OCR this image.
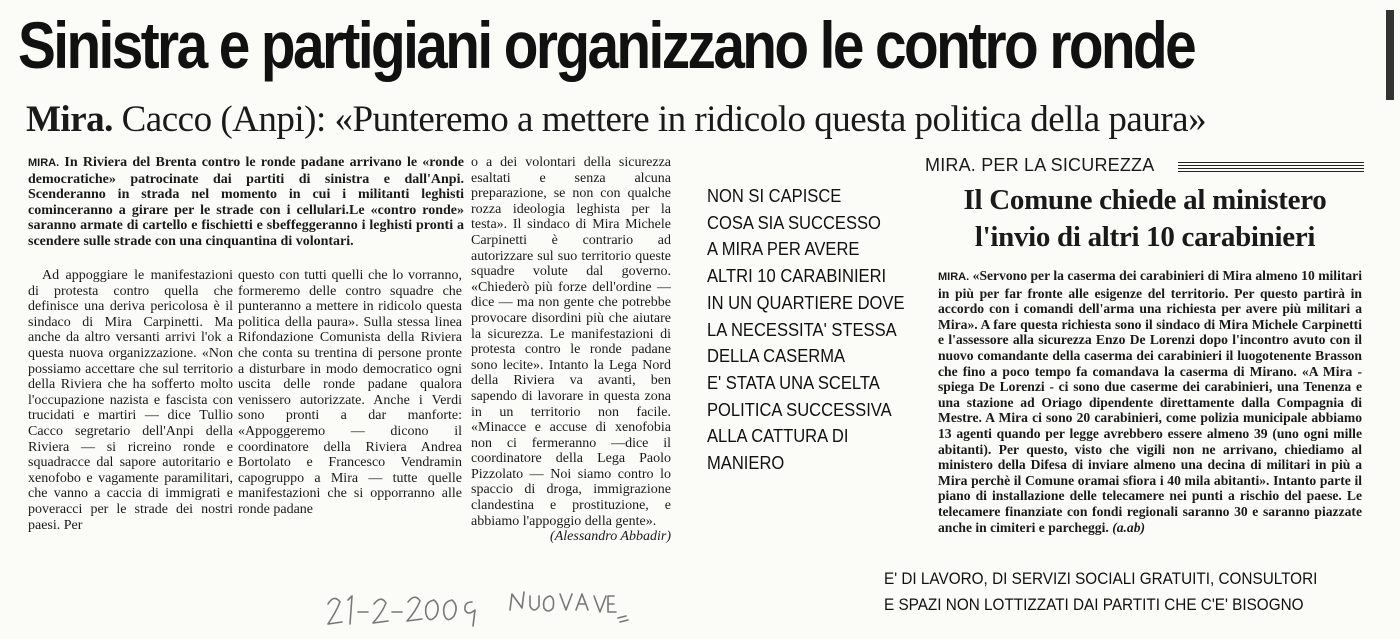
Sinistra e partigiani organizzano le contro ronde
Mira. Cacco (Anpi): «Punteremo a mettere in ridicolo questa politica della paura»
MIRA. In Riviera del Brenta contro le ronde padane arrivano le «ronde democratiche» patrocinate dai partiti di sinistra e dall'Anpi. Scenderanno in strada nel momento in cui i militanti leghisti cominceranno a girare per le strade con i cellulari.Le «contro ronde» saranno armate di cartello e fischietti e sbeffeggeranno i leghisti pronti a scendere sulle strade con una cinquantina di volontari.

Ad appoggiare le manifestazioni di protesta contro quella che definisce una deriva pericolosa è il sindaco di Mira Carpinetti. Ma anche da altro versanti arrivi l'ok a questa nuova organizzazione. «Non possiamo accettare che sul territorio della Riviera che ha sofferto molto l'occupazione nazista e fascista con trucidati e martiri — dice Tullio Cacco segretario dell'Anpi della Riviera — si ricreino ronde e squadracce dal sapore autoritario e xenofobo e vagamente paramilitari, che vanno a caccia di immigrati e poveracci per le strade dei nostri paesi. Per

questo con tutti quelli che lo vorranno, formeremo delle contro squadre che punteranno a mettere in ridicolo questa politica della paura». Sulla stessa linea Rifondazione Comunista della Riviera che conta su trentina di persone pronte a disturbare in modo democratico ogni uscita delle ronde padane qualora venissero autorizzate. Anche i Verdi sono pronti a dar manforte: «Appoggeremo — dicono il coordinatore della Riviera Andrea Bortolato e Francesco Vendramin capogruppo a Mira — tutte quelle manifestazioni che si opporranno alle ronde padane

o a dei volontari della sicurezza esaltati e senza alcuna preparazione, se non con qualche rozza ideologia leghista per la testa». Il sindaco di Mira Michele Carpinetti è contrario ad autorizzare sul suo territorio queste squadre volute dal governo. «Chiederò più forze dell'ordine — dice — ma non gente che potrebbe provocare disordini più che aiutare la sicurezza. Le manifestazioni di protesta contro le ronde padane sono lecite». Intanto la Lega Nord della Riviera va avanti, ben sapendo di lavorare in questa zona in un territorio non facile. «Minacce e accuse di xenofobia non ci fermeranno —dice il coordinatore della Lega Paolo Pizzolato — Noi siamo contro lo spaccio di droga, immigrazione clandestina e prostituzione, e abbiamo l'appoggio della gente».

(Alessandro Abbadir)
NON SI CAPISCE
COSA SIA SUCCESSO
A MIRA PER AVERE
ALTRI 10 CARABINIERI
IN UN QUARTIERE DOVE
LA NECESSITA' STESSA
DELLA CASERMA
E' STATA UNA SCELTA
POLITICA SUCCESSIVA
ALLA CATTURA DI
MANIERO
MIRA. PER LA SICUREZZA
Il Comune chiede al ministero
l'invio di altri 10 carabinieri
MIRA. «Servono per la caserma dei carabinieri di Mira almeno 10 militari in più per far fronte alle esigenze del territorio. Per questo partirà in accordo con i comandi dell'arma una richiesta per avere più militari a Mira». A fare questa richiesta sono il sindaco di Mira Michele Carpinetti e l'assessore alla sicurezza Enzo De Lorenzi dopo l'incontro avuto con il nuovo comandante della caserma dei carabinieri il luogotenente Brasson che fino a poco tempo fa comandava la caserma di Mirano. «A Mira - spiega De Lorenzi - ci sono due caserme dei carabinieri, una Tenenza e una stazione ad Oriago dipendente direttamente dalla Compagnia di Mestre. A Mira ci sono 20 carabinieri, come polizia municipale abbiamo 13 agenti quando per legge avrebbero essere almeno 39 (uno ogni mille abitanti). Per questo, visto che vigili non ne arrivano, chiediamo al ministero della Difesa di inviare almeno una decina di militari in più a Mira perchè il Comune oramai sfiora i 40 mila abitanti». Intanto parte il piano di installazione delle telecamere nei punti a rischio del paese. Le telecamere finanziate con fondi regionali saranno 30 e saranno piazzate anche in cimiteri e parcheggi. (a.ab)
E' DI LAVORO, DI SERVIZI SOCIALI GRATUITI, CONSULTORI
E SPAZI NON LOTTIZZATI DAI PARTITI CHE C'E' BISOGNO
